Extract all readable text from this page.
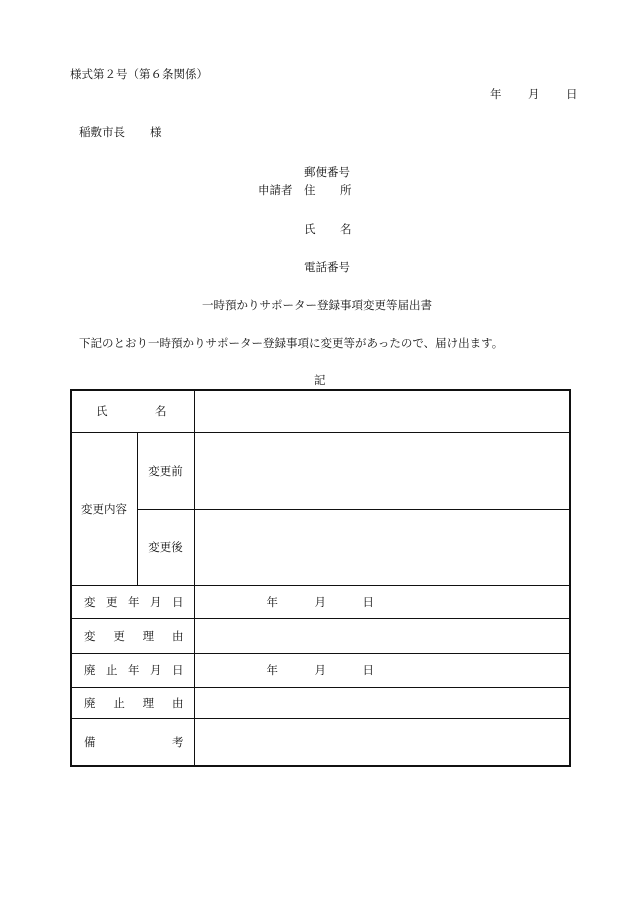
様式第２号（第６条関係）
年 月 日
稲敷市長 様
郵便番号
申請者 住 所
氏 名
電話番号
一時預かりサポーター登録事項変更等届出書
下記のとおり一時預かりサポーター登録事項に変更等があったので、届け出ます。
記
氏 名		

変更内容	変更前	
	変更後	

変 更 年 月 日		年 月 日

変 更 理 由		

廃 止 年 月 日		年 月 日

廃 止 理 由		

備 考		
